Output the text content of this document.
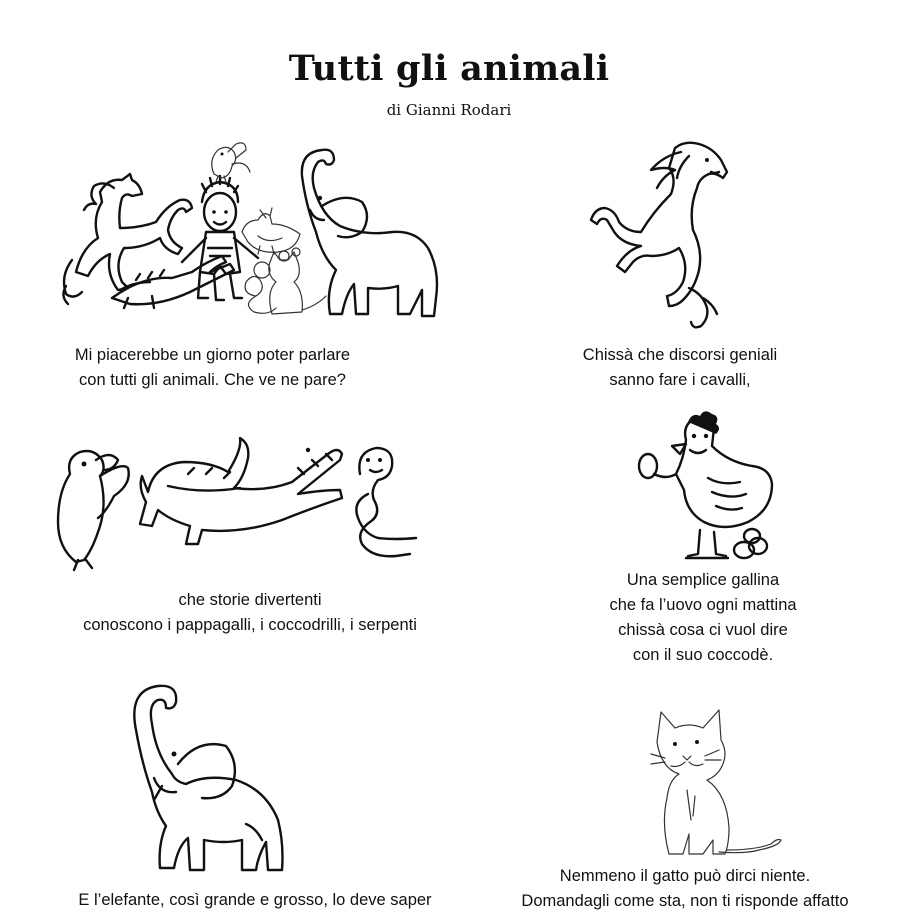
Tutti gli animali
di Gianni Rodari
Mi piacerebbe un giorno poter parlare
con tutti gli animali. Che ve ne pare?
Chissà che discorsi geniali
sanno fare i cavalli,
che storie divertenti
conoscono i pappagalli, i coccodrilli, i serpenti
Una semplice gallina
che fa l’uovo ogni mattina
chissà cosa ci vuol dire
con il suo coccodè.
E l’elefante, così grande e grosso, lo deve saper
Nemmeno il gatto può dirci niente.
Domandagli come sta, non ti risponde affatto
